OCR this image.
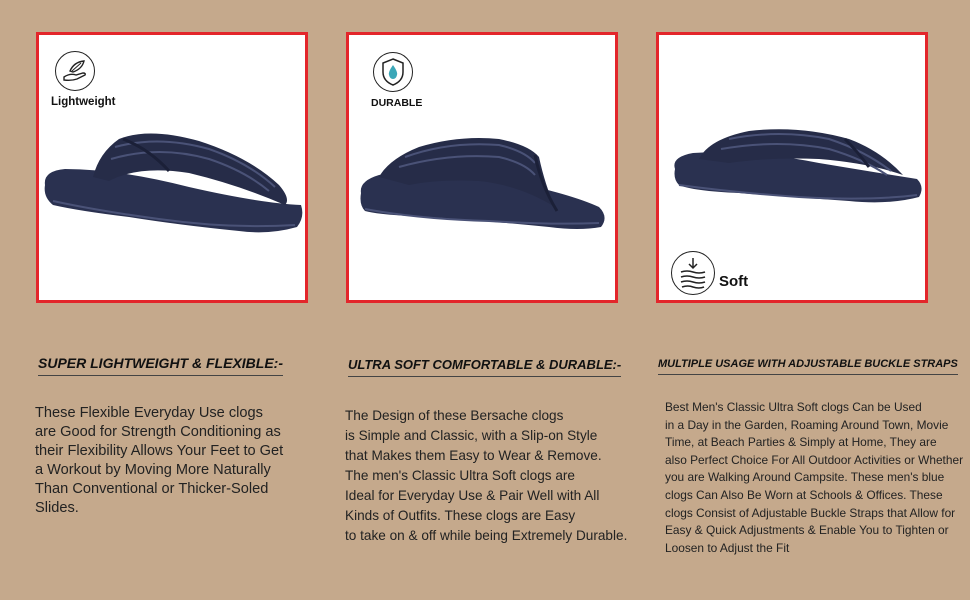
Lightweight	DURABLE
Soft
SUPER LIGHTWEIGHT & FLEXIBLE:-	ULTRA SOFT COMFORTABLE & DURABLE:-	MULTIPLE USAGE WITH ADJUSTABLE BUCKLE STRAPS
These Flexible Everyday Use clogs
are Good for Strength Conditioning as
their Flexibility Allows Your Feet to Get
a Workout by Moving More Naturally
Than Conventional or Thicker-Soled
Slides.
The Design of these Bersache clogs
is Simple and Classic, with a Slip-on Style
that Makes them Easy to Wear & Remove.
The men's Classic Ultra Soft clogs are
Ideal for Everyday Use & Pair Well with All
Kinds of Outfits. These clogs are Easy
to take on & off while being Extremely Durable.
Best Men's Classic Ultra Soft clogs Can be Used
in a Day in the Garden, Roaming Around Town, Movie
Time, at Beach Parties & Simply at Home, They are
also Perfect Choice For All Outdoor Activities or Whether
you are Walking Around Campsite. These men's blue
clogs Can Also Be Worn at Schools & Offices. These
clogs Consist of Adjustable Buckle Straps that Allow for
Easy & Quick Adjustments & Enable You to Tighten or
Loosen to Adjust the Fit
